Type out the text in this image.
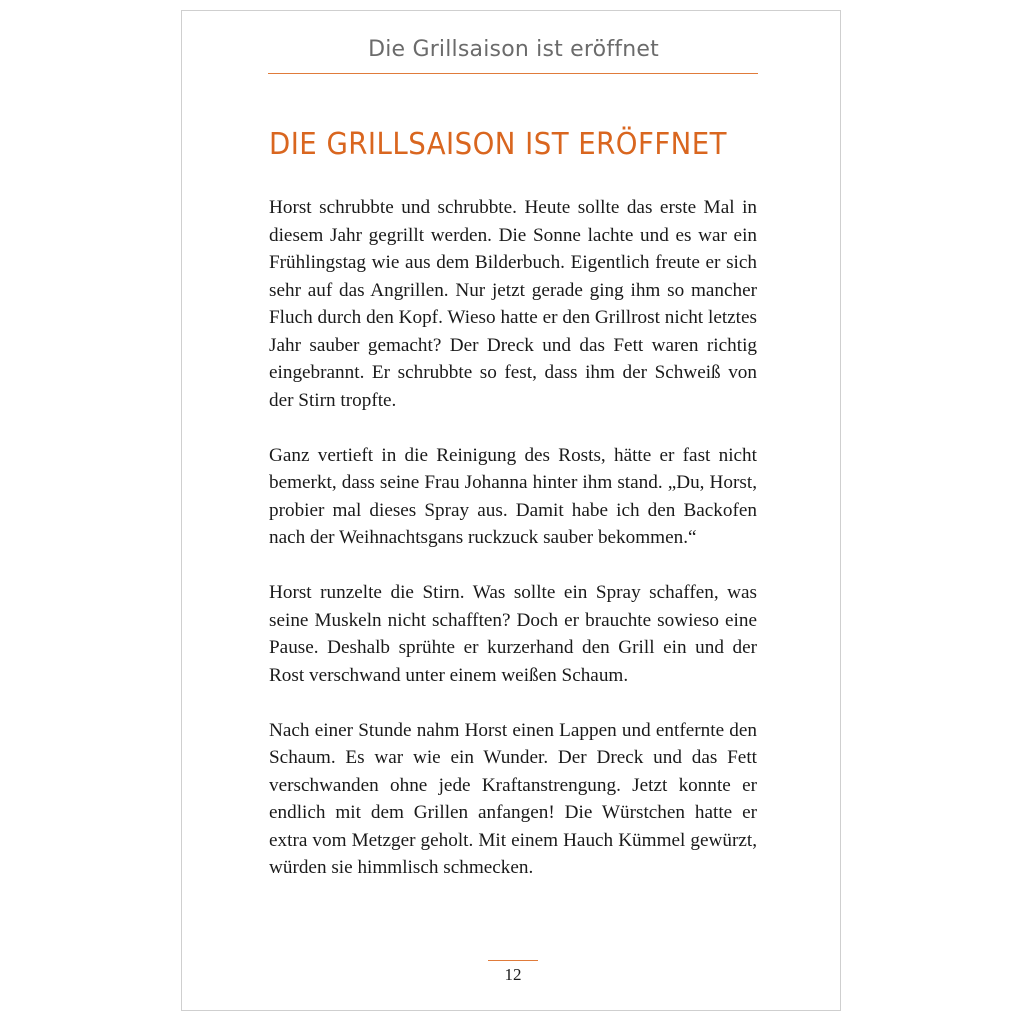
Die Grillsaison ist eröffnet
DIE GRILLSAISON IST ERÖFFNET

Horst schrubbte und schrubbte. Heute sollte das erste Mal in diesem Jahr gegrillt werden. Die Sonne lachte und es war ein Frühlingstag wie aus dem Bilderbuch. Eigentlich freute er sich sehr auf das Angrillen. Nur jetzt gerade ging ihm so mancher Fluch durch den Kopf. Wieso hatte er den Grillrost nicht letztes Jahr sauber gemacht? Der Dreck und das Fett waren richtig eingebrannt. Er schrubbte so fest, dass ihm der Schweiß von der Stirn tropfte.

Ganz vertieft in die Reinigung des Rosts, hätte er fast nicht bemerkt, dass seine Frau Johanna hinter ihm stand. „Du, Horst, probier mal dieses Spray aus. Damit habe ich den Backofen nach der Weihnachtsgans ruckzuck sauber bekommen.“

Horst runzelte die Stirn. Was sollte ein Spray schaffen, was seine Muskeln nicht schafften? Doch er brauchte sowieso eine Pause. Deshalb sprühte er kurzerhand den Grill ein und der Rost verschwand unter einem weißen Schaum.

Nach einer Stunde nahm Horst einen Lappen und entfernte den Schaum. Es war wie ein Wunder. Der Dreck und das Fett verschwanden ohne jede Kraftanstrengung. Jetzt konnte er endlich mit dem Grillen anfangen! Die Würstchen hatte er extra vom Metzger geholt. Mit einem Hauch Kümmel gewürzt, würden sie himmlisch schmecken.

12
